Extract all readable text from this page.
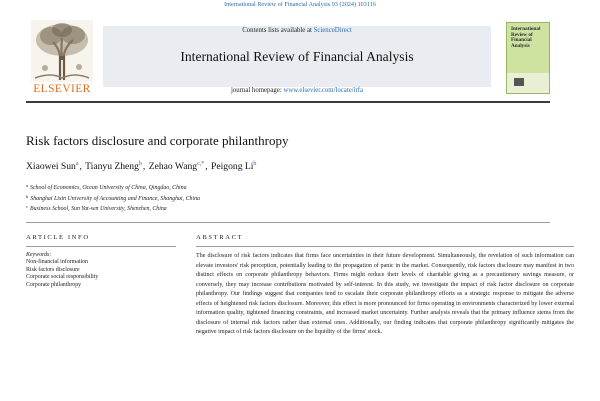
International Review of Financial Analysis 93 (2024) 103116
ELSEVIER
Contents lists available at ScienceDirect
International Review of Financial Analysis
journal homepage: www.elsevier.com/locate/irfa
International Review of Financial Analysis
Risk factors disclosure and corporate philanthropy
Xiaowei Sun$^a$, Tianyu Zheng$^b$, Zehao Wang$^{c,*}$, Peigong Li$^b$
$^a$ School of Economics, Ocean University of China, Qingdao, China
$^b$ Shanghai Lixin University of Accounting and Finance, Shanghai, China
$^c$ Business School, Sun Yat-sen University, Shenzhen, China
ARTICLE INFO
Keywords:
Non-financial information
Risk factors disclosure
Corporate social responsibility
Corporate philanthropy
ABSTRACT

The disclosure of risk factors indicates that firms face uncertainties in their future development. Simultaneously, the revelation of such information can elevate investors' risk perception, potentially leading to the propagation of panic in the market. Consequently, risk factors disclosure may manifest in two distinct effects on corporate philanthropy behaviors. Firms might reduce their levels of charitable giving as a precautionary savings measure, or conversely, they may increase contributions motivated by self-interest. In this study, we investigate the impact of risk factor disclosure on corporate philanthropy. Our findings suggest that companies tend to escalate their corporate philanthropy efforts as a strategic response to mitigate the adverse effects of heightened risk factors disclosure. Moreover, this effect is more pronounced for firms operating in environments characterized by lower external information quality, tightened financing constraints, and increased market uncertainty. Further analysis reveals that the primary influence stems from the disclosure of internal risk factors rather than external ones. Additionally, our finding indicates that corporate philanthropy significantly mitigates the negative impact of risk factors disclosure on the liquidity of the firms' stock.
